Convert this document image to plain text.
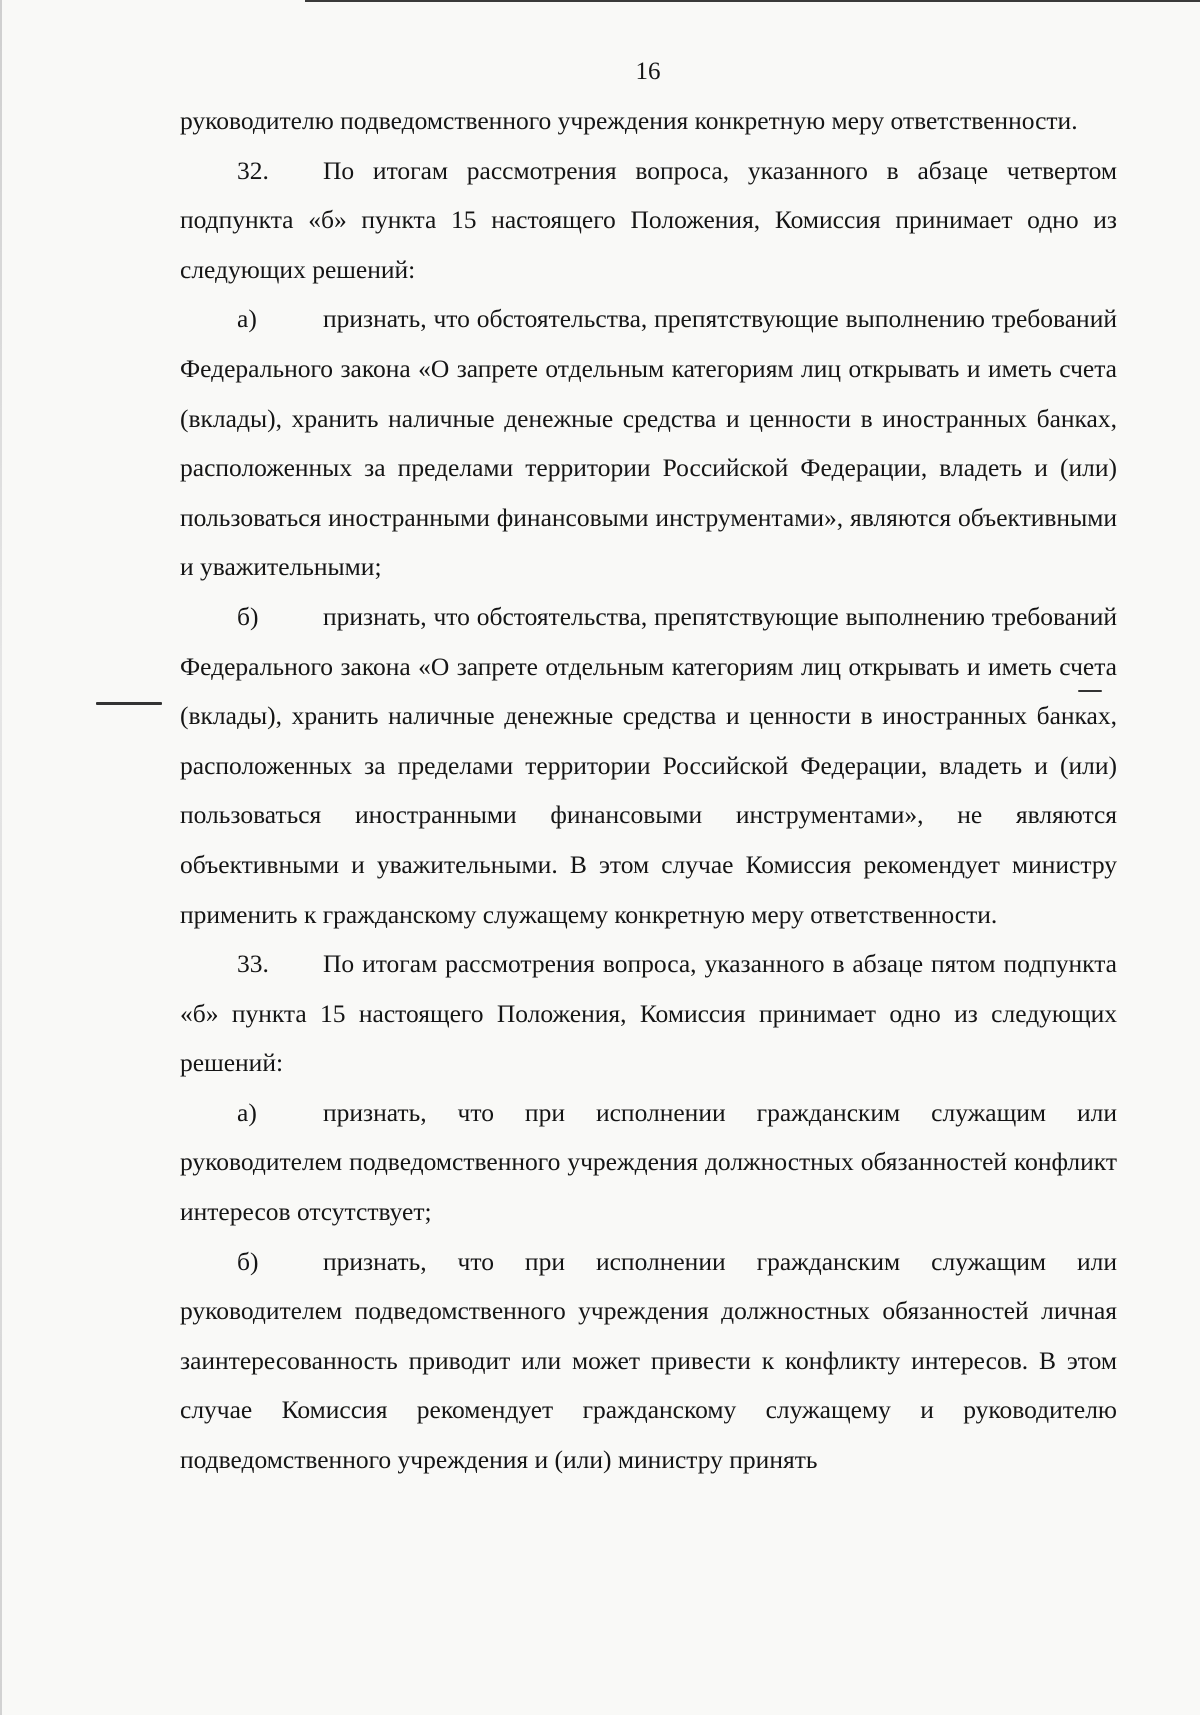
16

руководителю подведомственного учреждения конкретную меру ответственности.

32. По итогам рассмотрения вопроса, указанного в абзаце четвертом подпункта «б» пункта 15 настоящего Положения, Комиссия принимает одно из следующих решений:

а)	признать, что обстоятельства, препятствующие выполнению требований Федерального закона «О запрете отдельным категориям лиц открывать и иметь счета (вклады), хранить наличные денежные средства и ценности в иностранных банках, расположенных за пределами территории Российской Федерации, владеть и (или) пользоваться иностранными финансовыми инструментами», являются объективными и уважительными;

б)	признать, что обстоятельства, препятствующие выполнению требований Федерального закона «О запрете отдельным категориям лиц открывать и иметь счета (вклады), хранить наличные денежные средства и ценности в иностранных банках, расположенных за пределами территории Российской Федерации, владеть и (или) пользоваться иностранными финансовыми инструментами», не являются объективными и уважительными. В этом случае Комиссия рекомендует министру применить к гражданскому служащему конкретную меру ответственности.

33. По итогам рассмотрения вопроса, указанного в абзаце пятом подпункта «б» пункта 15 настоящего Положения, Комиссия принимает одно из следующих решений:

а)	признать, что при исполнении гражданским служащим или руководителем подведомственного учреждения должностных обязанностей конфликт интересов отсутствует;

б)	признать, что при исполнении гражданским служащим или руководителем подведомственного учреждения должностных обязанностей личная заинтересованность приводит или может привести к конфликту интересов. В этом случае Комиссия рекомендует гражданскому служащему и руководителю подведомственного учреждения и (или) министру принять
